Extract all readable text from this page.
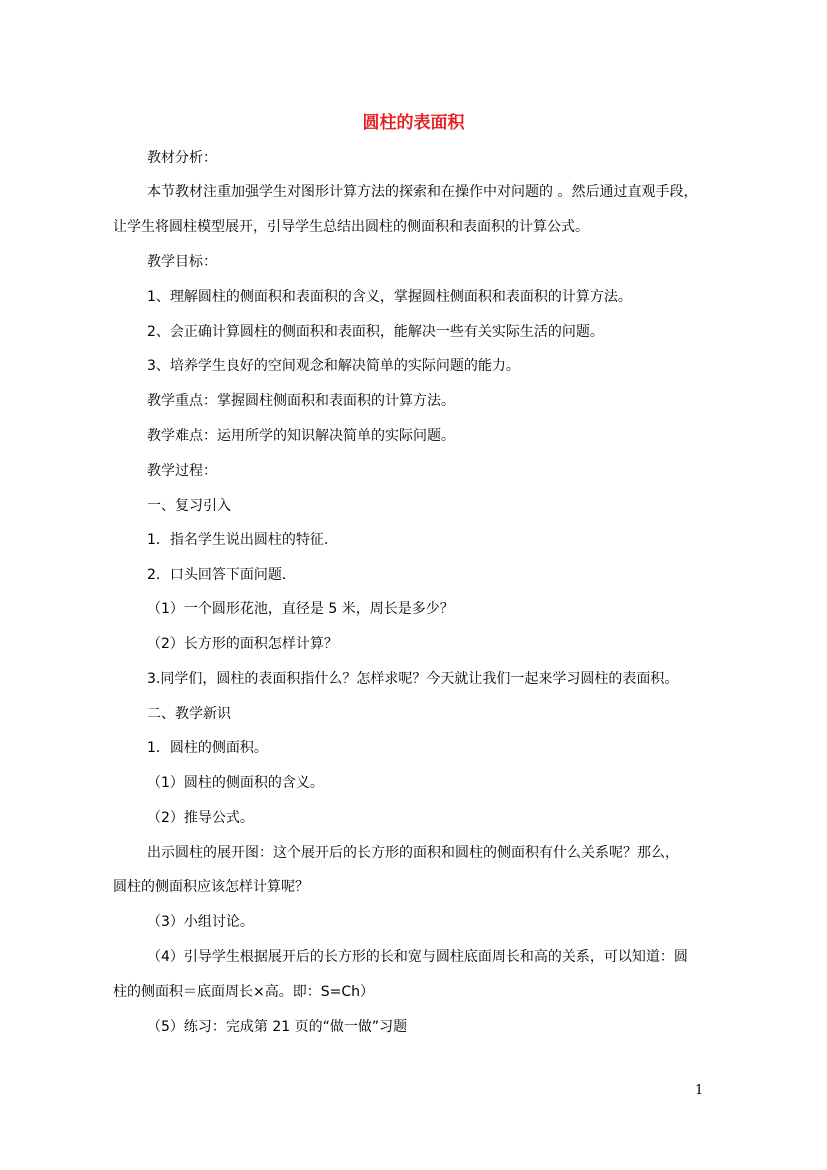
圆柱的表面积
教材分析：
本节教材注重加强学生对图形计算方法的探索和在操作中对问题的 。然后通过直观手段，
让学生将圆柱模型展开，引导学生总结出圆柱的侧面积和表面积的计算公式。
教学目标：
1、理解圆柱的侧面积和表面积的含义，掌握圆柱侧面积和表面积的计算方法。
2、会正确计算圆柱的侧面积和表面积，能解决一些有关实际生活的问题。
3、培养学生良好的空间观念和解决简单的实际问题的能力。
教学重点：掌握圆柱侧面积和表面积的计算方法。
教学难点：运用所学的知识解决简单的实际问题。
教学过程：
一、复习引入
1．指名学生说出圆柱的特征．
2．口头回答下面问题．
（1）一个圆形花池，直径是 5 米，周长是多少？
（2）长方形的面积怎样计算？
3.同学们，圆柱的表面积指什么？怎样求呢？今天就让我们一起来学习圆柱的表面积。
二、教学新识
1．圆柱的侧面积。
（1）圆柱的侧面积的含义。
（2）推导公式。
出示圆柱的展开图：这个展开后的长方形的面积和圆柱的侧面积有什么关系呢？那么，
圆柱的侧面积应该怎样计算呢？
（3）小组讨论。
（4）引导学生根据展开后的长方形的长和宽与圆柱底面周长和高的关系，可以知道：圆
柱的侧面积＝底面周长×高。即：S=Ch）
（5）练习：完成第 21 页的“做一做”习题
1
